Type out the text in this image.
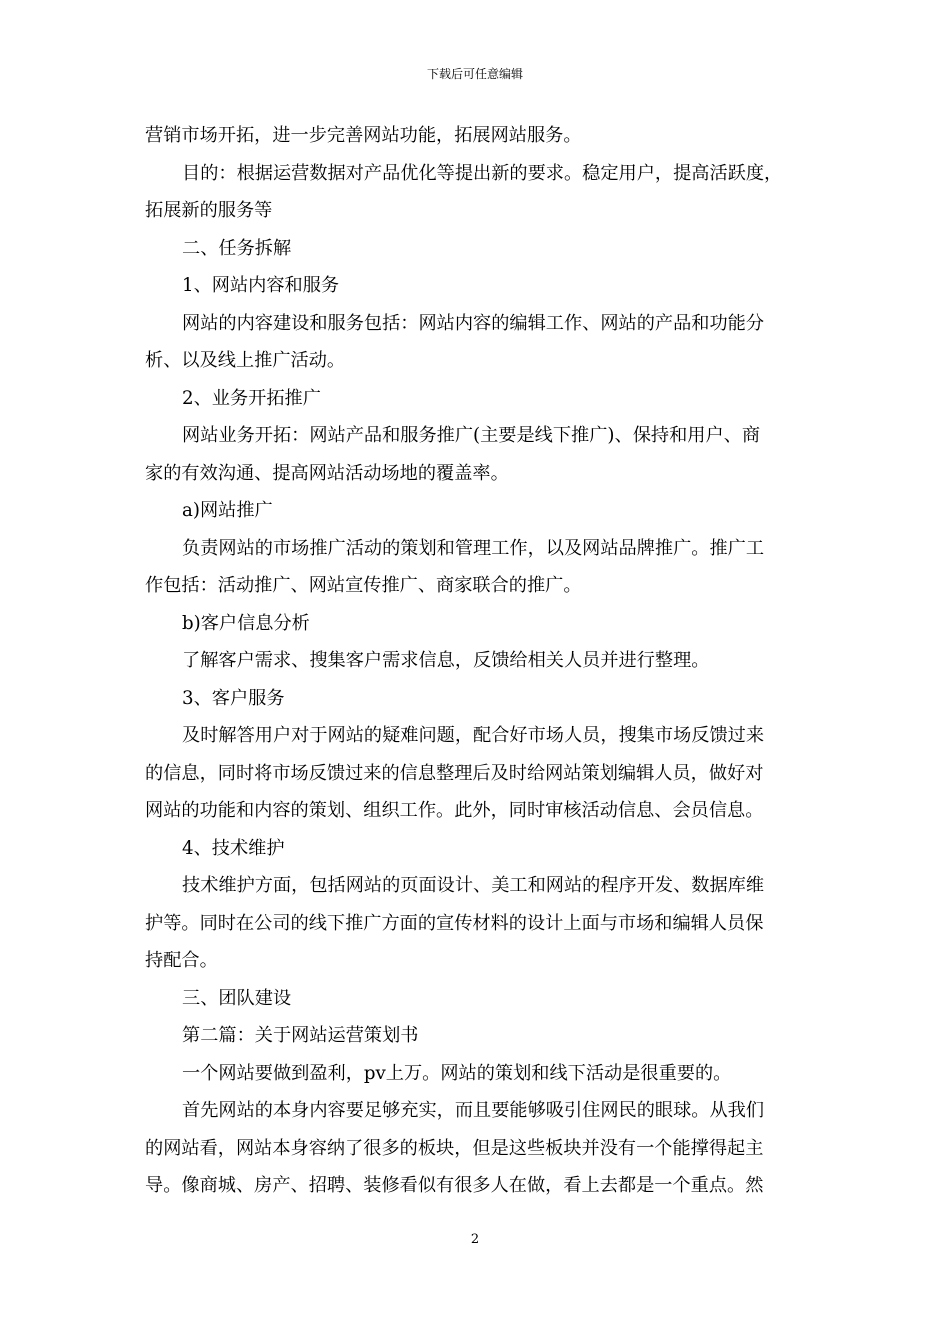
下载后可任意编辑

营销市场开拓，进一步完善网站功能，拓展网站服务。

目的：根据运营数据对产品优化等提出新的要求。稳定用户，提高活跃度，

拓展新的服务等

二、任务拆解

1、网站内容和服务

网站的内容建设和服务包括：网站内容的编辑工作、网站的产品和功能分

析、以及线上推广活动。

2、业务开拓推广

网站业务开拓：网站产品和服务推广(主要是线下推广)、保持和用户、商

家的有效沟通、提高网站活动场地的覆盖率。

a)网站推广

负责网站的市场推广活动的策划和管理工作，以及网站品牌推广。推广工

作包括：活动推广、网站宣传推广、商家联合的推广。

b)客户信息分析

了解客户需求、搜集客户需求信息，反馈给相关人员并进行整理。

3、客户服务

及时解答用户对于网站的疑难问题，配合好市场人员，搜集市场反馈过来

的信息，同时将市场反馈过来的信息整理后及时给网站策划编辑人员，做好对

网站的功能和内容的策划、组织工作。此外，同时审核活动信息、会员信息。

4、技术维护

技术维护方面，包括网站的页面设计、美工和网站的程序开发、数据库维

护等。同时在公司的线下推广方面的宣传材料的设计上面与市场和编辑人员保

持配合。

三、团队建设

第二篇：关于网站运营策划书

一个网站要做到盈利，pv上万。网站的策划和线下活动是很重要的。

首先网站的本身内容要足够充实，而且要能够吸引住网民的眼球。从我们

的网站看，网站本身容纳了很多的板块，但是这些板块并没有一个能撑得起主

导。像商城、房产、招聘、装修看似有很多人在做，看上去都是一个重点。然

2
